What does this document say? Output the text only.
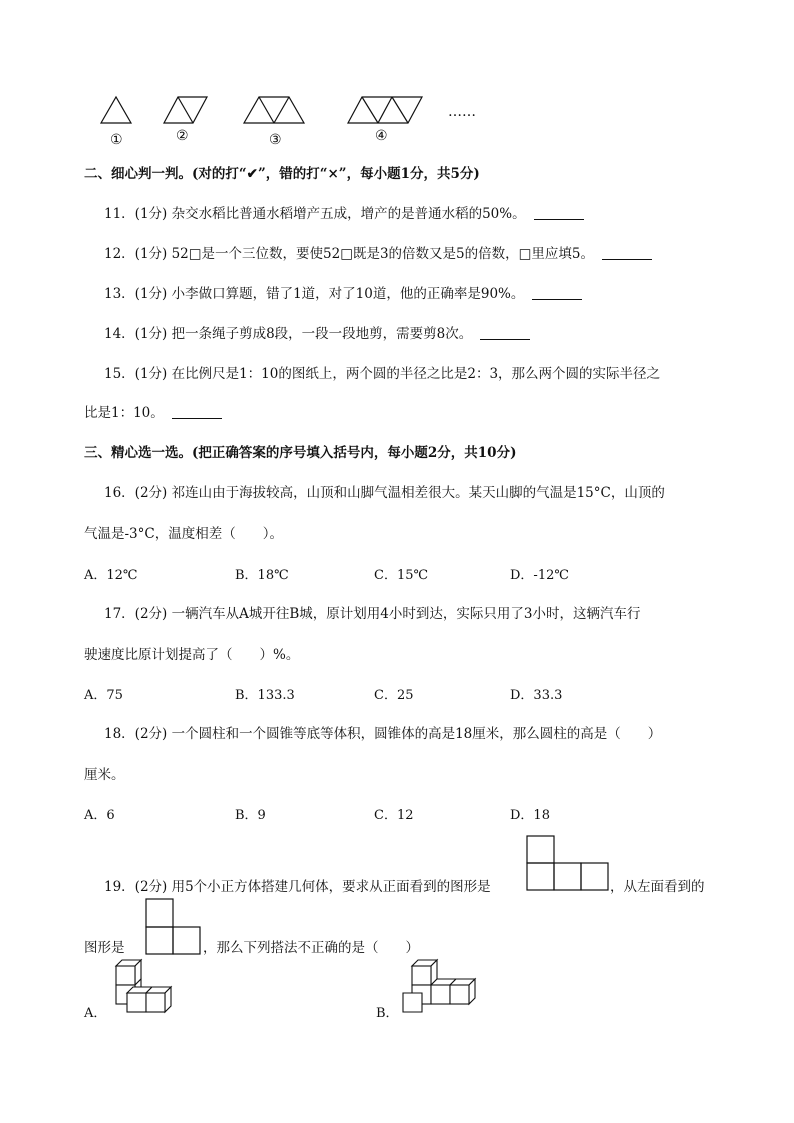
①	②	③	④
……
二、细心判一判。(对的打“✔”，错的打“×”，每小题1分，共5分)
11．(1分) 杂交水稻比普通水稻增产五成，增产的是普通水稻的50%。
12．(1分) 52□是一个三位数，要使52□既是3的倍数又是5的倍数，□里应填5。
13．(1分) 小李做口算题，错了1道，对了10道，他的正确率是90%。
14．(1分) 把一条绳子剪成8段，一段一段地剪，需要剪8次。
15．(1分) 在比例尺是1：10的图纸上，两个圆的半径之比是2：3，那么两个圆的实际半径之
比是1：10。
三、精心选一选。(把正确答案的序号填入括号内，每小题2分，共10分)
16．(2分) 祁连山由于海拔较高，山顶和山脚气温相差很大。某天山脚的气温是15°C，山顶的
气温是-3°C，温度相差（　　）。
A．12℃	B．18℃	C．15℃	D．-12℃
17．(2分) 一辆汽车从A城开往B城，原计划用4小时到达，实际只用了3小时，这辆汽车行
驶速度比原计划提高了（　　）%。
A．75	B．133.3	C．25	D．33.3
18．(2分) 一个圆柱和一个圆锥等底等体积，圆锥体的高是18厘米，那么圆柱的高是（　　）
厘米。
A．6	B．9	C．12	D．18
19．(2分) 用5个小正方体搭建几何体，要求从正面看到的图形是	，从左面看到的
图形是	，那么下列搭法不正确的是（　　）
A．	B．
